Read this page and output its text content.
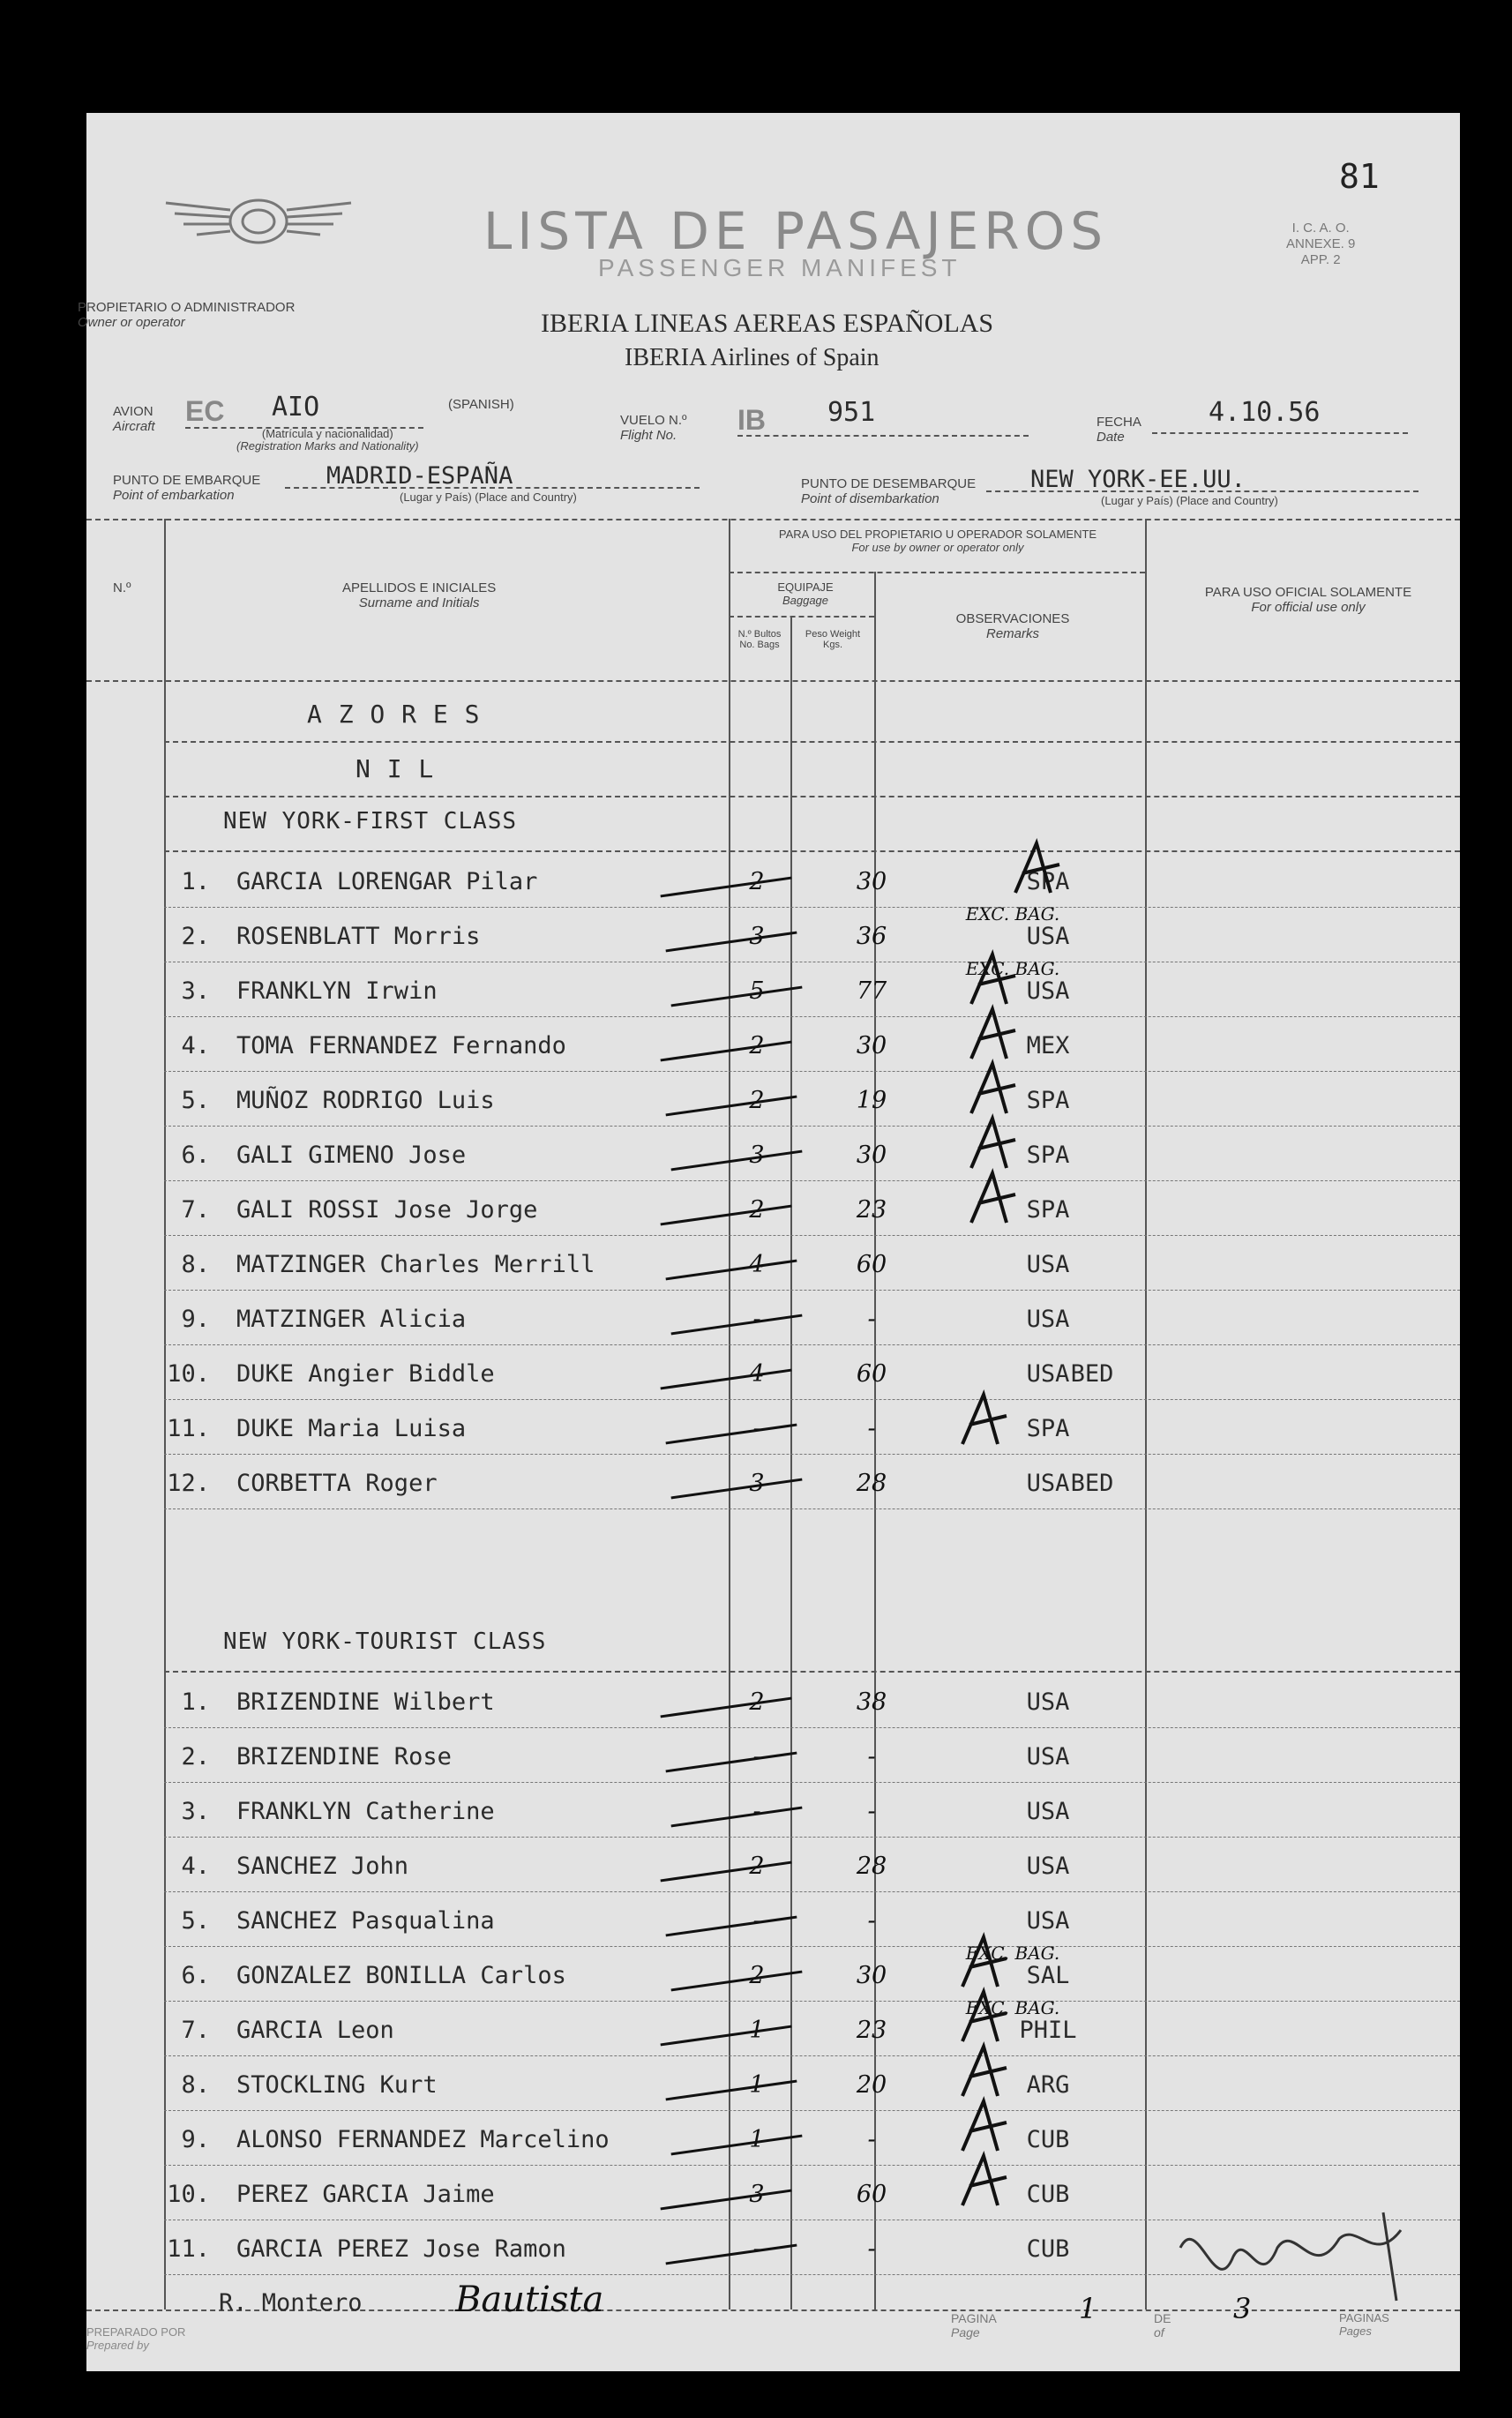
81
LISTA DE PASAJEROS
PASSENGER MANIFEST
I. C. A. O.
ANNEXE. 9
APP. 2
PROPIETARIO O ADMINISTRADOR
Owner or operator	IBERIA LINEAS AEREAS ESPAÑOLAS
IBERIA Airlines of Spain
AVION
Aircraft EC AIO	(SPANISH)
(Matrícula y nacionalidad)
(Registration Marks and Nationality)
VUELO N.º
Flight No.	IB 951	FECHA
Date
4.10.56
PUNTO DE EMBARQUE
Point of embarkation
MADRID-ESPAÑA
(Lugar y País) (Place and Country)
PUNTO DE DESEMBARQUE
Point of disembarkation
NEW YORK-EE.UU.
(Lugar y País) (Place and Country)
N.º	APELLIDOS E INICIALES
Surname and Initials
PARA USO DEL PROPIETARIO U OPERADOR SOLAMENTE
For use by owner or operator only
EQUIPAJE
Baggage
N.º Bultos
No. Bags
Peso Weight
Kgs.
OBSERVACIONES
Remarks
PARA USO OFICIAL SOLAMENTE
For official use only
A Z O R E S
N I L
NEW YORK-FIRST CLASS
1. GARCIA LORENGAR Pilar	2	30	SPA
2. ROSENBLATT Morris	3	36	USA
EXC. BAG.
3. FRANKLYN Irwin	5	77	USA
EXC. BAG.
4. TOMA FERNANDEZ Fernando	2	30	MEX
5. MUÑOZ RODRIGO Luis	2	19	SPA
6. GALI GIMENO Jose	3	30	SPA
7. GALI ROSSI Jose Jorge	2	23	SPA
8. MATZINGER Charles Merrill	4	60	USA
9. MATZINGER Alicia	-	-	USA
10. DUKE Angier Biddle	4	60	USA BED
11. DUKE Maria Luisa	-	-	SPA
12. CORBETTA Roger	3	28	USA BED
NEW YORK-TOURIST CLASS
1. BRIZENDINE Wilbert	2	38	USA
2. BRIZENDINE Rose	-	-	USA
3. FRANKLYN Catherine	-	-	USA
4. SANCHEZ John	2	28	USA
5. SANCHEZ Pasqualina	-	-	USA
6. GONZALEZ BONILLA Carlos	2	30	SAL
EXC. BAG.
7. GARCIA Leon	1	23	PHIL
EXC. BAG.
8. STOCKLING Kurt	1	20	ARG
9. ALONSO FERNANDEZ Marcelino	1	-	CUB
10. PEREZ GARCIA Jaime	3	60	CUB
11. GARCIA PEREZ Jose Ramon	-	-	CUB
PREPARADO POR
Prepared by
R. Montero	Bautista	PAGINA
Page
1	DE
of
3	PAGINAS
Pages
